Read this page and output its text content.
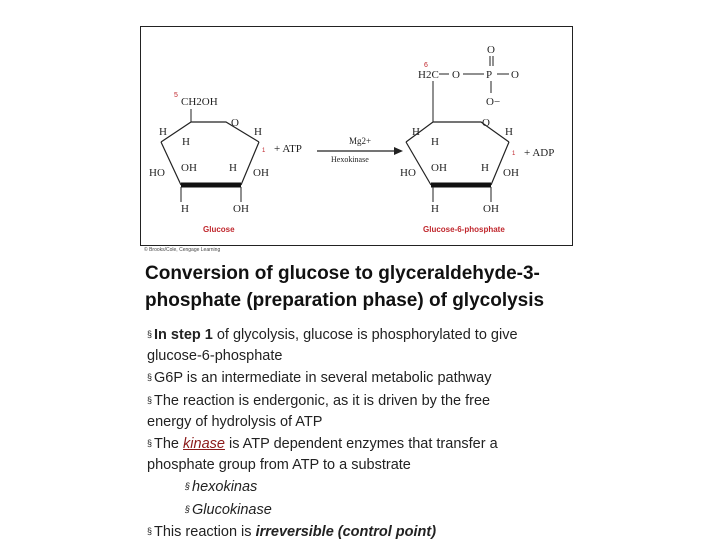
5
CH2OH
O
H
H
H
1
OH	H
HO	OH
H	OH
Glucose
+ ATP
Mg2+
Hexokinase
O
6
H2C O P O
O−
O
H
H
H
1
OH	H
HO	OH
H	OH
Glucose-6-phosphate
+ ADP
© Brooks/Cole, Cengage Learning
Conversion of glucose to glyceraldehyde-3-
phosphate (preparation phase) of glycolysis
§ In step 1 of glycolysis, glucose is phosphorylated to give
glucose-6-phosphate
§ G6P is an intermediate in several metabolic pathway
§ The reaction is endergonic, as it is driven by the free
energy of hydrolysis of ATP
§ The kinase is ATP dependent enzymes that transfer a
phosphate group from ATP to a substrate
§ hexokinas
§ Glucokinase
§ This reaction is irreversible (control point)
